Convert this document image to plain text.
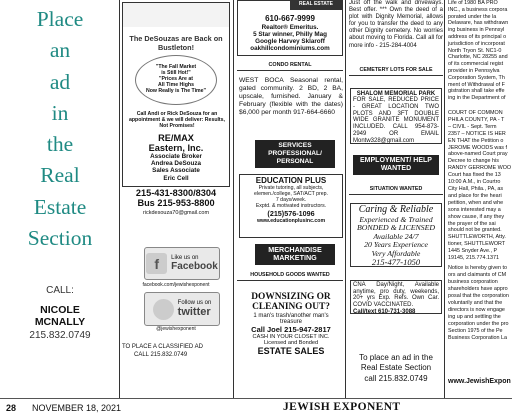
Place
an
ad
in
the
Real
Estate
Section
CALL:
NICOLE
MCNALLY
215.832.0749
The DeSouzas are Back on Bustleton!
"The Fall Market
is Still Hot!"
"Prices Are at
All Time Highs
Now Really is The Time"
Call Andi or Rick DeSouza for an appointment & we will deliver: Results, Not Promises!
RE/MAX
Eastern, Inc.
Associate Broker
Andrea DeSouza
Sales Associate
Eric Cell
215-431-8300/8304
Bus 215-953-8800
rickdesouza70@gmail.com
f	Like us on
Facebook
facebook.com/jewishexponent
Follow us on
twitter
@jewishexponent
TO PLACE A CLASSIFIED AD
CALL 215.832.0749
REAL ESTATE
610-667-9999
Realtor® Emeritus.
5 Star winner, Philly Mag
Google Harvey Sklaroff
oakhillcondominiums.com
CONDO RENTAL
WEST BOCA Seasonal rental, gated community. 2 BD, 2 BA, upscale, furnished. January & February (flexible with the dates) $6,000 per month 917-664-6660
SERVICES PROFESSIONAL/ PERSONAL
EDUCATION PLUS
Private tutoring, all subjects,
elemen./college, SAT/ACT prep.
7 days/week.
Exptd. & motivated instructors.
(215)576-1096
www.educationplusinc.com
MERCHANDISE MARKETING
HOUSEHOLD GOODS WANTED
DOWNSIZING OR CLEANING OUT?
1 man's trash/another man's
treasure
Call Joel 215-947-2817
CASH IN YOUR CLOSET INC.
Licensed and Bonded
ESTATE SALES
Just off the walk and driveways. Best offer. *** Own the deed of a plot with Dignity Memorial, allows for you to transfer the deed to any other Dignity cemetery. No worries about moving to Florida. Call all for more info - 215-284-4004
CEMETERY LOTS FOR SALE
SHALOM MEMORIAL PARK
FOR SALE, REDUCED PRICE - GREAT LOCATION TWO PLOTS AND 3FT DOUBLE WIDE GRANITE MONUMENT INCLUDED. CALL 954-873-2949 OR EMAIL Montw328@gmail.com
EMPLOYMENT/ HELP WANTED
SITUATION WANTED
Caring & Reliable
Experienced & Trained
BONDED & LICENSED
Available 24/7
20 Years Experience
Very Affordable
215-477-1050
CNA Day/Night, Available anytime, pro duty, weekends, 20+ yrs Exp. Refs. Own Car. COVID VACCINATED.
Call/text 610-731-3088
To place an ad in the
Real Estate Section
call 215.832.0749
Life of 1980 BA PRO
INC., a business corpora
porated under the la
Delaware, has withdrawn
ing business in Pennsyl
address of its principal o
jurisdiction of incorporat
North Tryon St. NC1-0
Charlotte, NC 28255 and
of its commercial regist
provider in Pennsylva
Corporation System, Th
ment of Withdrawal of F
gistration shall take effe
ing in the Department of
COURT OF COMMON
PHILA COUNTY, PA - T
– CIVIL - Sept. Term
2357 – NOTICE IS HER
EN THAT the Petition o
JEROME WOODS was f
above-named Court pray
Decree to change his
RANDY GERROME WOO
Court has fixed the 13
10:00 A.M., in Courtro
City Hall, Phila., PA, as
and place for the heari
petition, when and whe
sons interested may a
show cause, if any they
the prayer of the sai
should not be granted.
SHUTTLEWORTH, Atty.
tioner, SHUTTLEWORT
1445 Snyder Ave., P
19145, 215.774.1371
Notice is hereby given to
ors and claimants of CM
business corporation
shareholders have appro
posal that the corporation
voluntarily and that the
directors is now engage
ing up and settling the
corporation under the pro
Section 1975 of the Pe
Business Corporation La
www.JewishExpon
28 NOVEMBER 18, 2021	JEWISH EXPONENT
